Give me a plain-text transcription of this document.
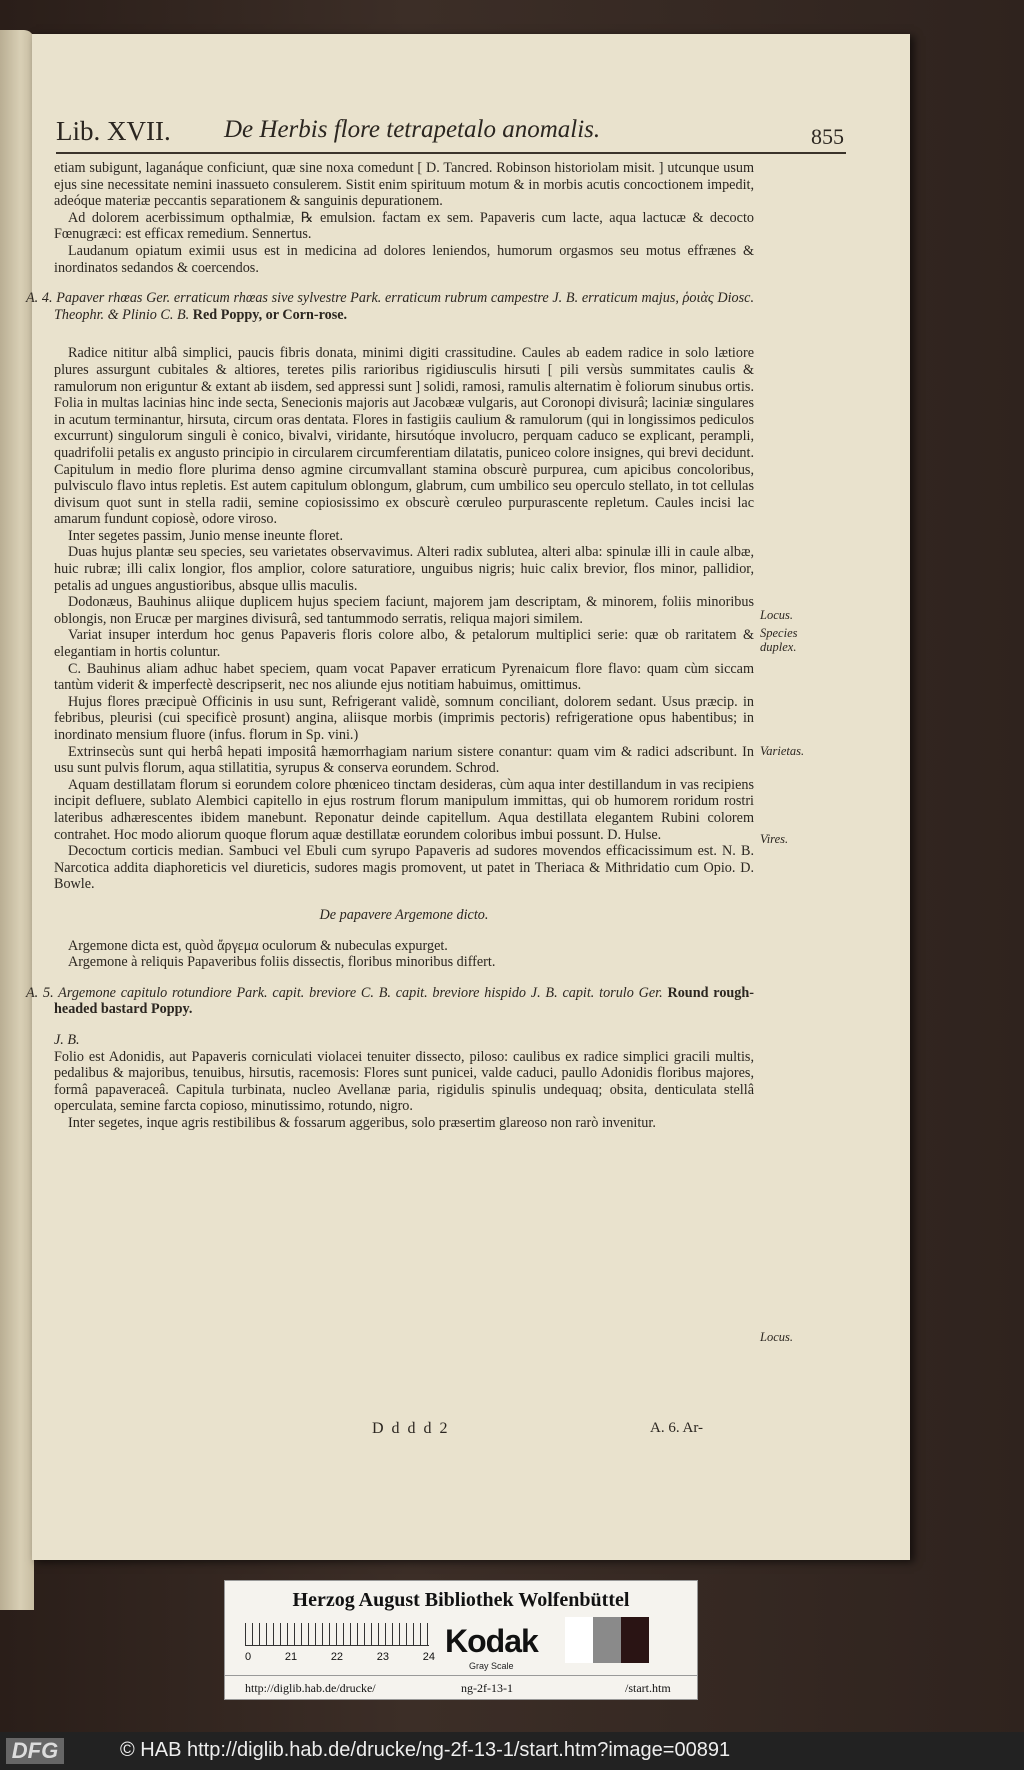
Lib. XVII. De Herbis flore tetrapetalo anomalis.	855

etiam subigunt, laganáque conficiunt, quæ sine noxa comedunt [ D. Tancred. Robinson historiolam misit. ] utcunque usum ejus sine necessitate nemini inassueto consulerem. Sistit enim spirituum motum & in morbis acutis concoctionem impedit, adeóque materiæ peccantis separationem & sanguinis depurationem.

Ad dolorem acerbissimum opthalmiæ, ℞ emulsion. factam ex sem. Papaveris cum lacte, aqua lactucæ & decocto Fœnugræci: est efficax remedium. Sennertus.

Laudanum opiatum eximii usus est in medicina ad dolores leniendos, humorum orgasmos seu motus effrænes & inordinatos sedandos & coercendos.

A. 4. Papaver rhœas Ger. erraticum rhœas sive sylvestre Park. erraticum rubrum campestre J. B. erraticum majus, ῥοιὰς Diosc. Theophr. & Plinio C. B. Red Poppy, or Corn-rose.

Radice nititur albâ simplici, paucis fibris donata, minimi digiti crassitudine. Caules ab eadem radice in solo lætiore plures assurgunt cubitales & altiores, teretes pilis rarioribus rigidiusculis hirsuti [ pili versùs summitates caulis & ramulorum non eriguntur & extant ab iisdem, sed appressi sunt ] solidi, ramosi, ramulis alternatim è foliorum sinubus ortis. Folia in multas lacinias hinc inde secta, Senecionis majoris aut Jacobææ vulgaris, aut Coronopi divisurâ; laciniæ singulares in acutum terminantur, hirsuta, circum oras dentata. Flores in fastigiis caulium & ramulorum (qui in longissimos pediculos excurrunt) singulorum singuli è conico, bivalvi, viridante, hirsutóque involucro, perquam caduco se explicant, perampli, quadrifolii petalis ex angusto principio in circularem circumferentiam dilatatis, puniceo colore insignes, qui brevi decidunt. Capitulum in medio flore plurima denso agmine circumvallant stamina obscurè purpurea, cum apicibus concoloribus, pulvisculo flavo intus repletis. Est autem capitulum oblongum, glabrum, cum umbilico seu operculo stellato, in tot cellulas divisum quot sunt in stella radii, semine copiosissimo ex obscurè cœruleo purpurascente repletum. Caules incisi lac amarum fundunt copiosè, odore viroso.

Inter segetes passim, Junio mense ineunte floret.

Duas hujus plantæ seu species, seu varietates observavimus. Alteri radix sublutea, alteri alba: spinulæ illi in caule albæ, huic rubræ; illi calix longior, flos amplior, colore saturatiore, unguibus nigris; huic calix brevior, flos minor, pallidior, petalis ad ungues angustioribus, absque ullis maculis.

Dodonæus, Bauhinus aliique duplicem hujus speciem faciunt, majorem jam descriptam, & minorem, foliis minoribus oblongis, non Erucæ per margines divisurâ, sed tantummodo serratis, reliqua majori similem.

Variat insuper interdum hoc genus Papaveris floris colore albo, & petalorum multiplici serie: quæ ob raritatem & elegantiam in hortis coluntur.

C. Bauhinus aliam adhuc habet speciem, quam vocat Papaver erraticum Pyrenaicum flore flavo: quam cùm siccam tantùm viderit & imperfectè descripserit, nec nos aliunde ejus notitiam habuimus, omittimus.

Hujus flores præcipuè Officinis in usu sunt, Refrigerant validè, somnum conciliant, dolorem sedant. Usus præcip. in febribus, pleurisi (cui specificè prosunt) angina, aliisque morbis (imprimis pectoris) refrigeratione opus habentibus; in inordinato mensium fluore (infus. florum in Sp. vini.)

Extrinsecùs sunt qui herbâ hepati impositâ hæmorrhagiam narium sistere conantur: quam vim & radici adscribunt. In usu sunt pulvis florum, aqua stillatitia, syrupus & conserva eorundem. Schrod.

Aquam destillatam florum si eorundem colore phœniceo tinctam desideras, cùm aqua inter destillandum in vas recipiens incipit defluere, sublato Alembici capitello in ejus rostrum florum manipulum immittas, qui ob humorem roridum rostri lateribus adhærescentes ibidem manebunt. Reponatur deinde capitellum. Aqua destillata elegantem Rubini colorem contrahet. Hoc modo aliorum quoque florum aquæ destillatæ eorundem coloribus imbui possunt. D. Hulse.

Decoctum corticis median. Sambuci vel Ebuli cum syrupo Papaveris ad sudores movendos efficacissimum est. N. B. Narcotica addita diaphoreticis vel diureticis, sudores magis promovent, ut patet in Theriaca & Mithridatio cum Opio. D. Bowle.

De papavere Argemone dicto.

Argemone dicta est, quòd ἄργεμα oculorum & nubeculas expurget.

Argemone à reliquis Papaveribus foliis dissectis, floribus minoribus differt.

A. 5. Argemone capitulo rotundiore Park. capit. breviore C. B. capit. breviore hispido J. B. capit. torulo Ger. Round rough-headed bastard Poppy.

J. B.

Folio est Adonidis, aut Papaveris corniculati violacei tenuiter dissecto, piloso: caulibus ex radice simplici gracili multis, pedalibus & majoribus, tenuibus, hirsutis, racemosis: Flores sunt punicei, valde caduci, paullo Adonidis floribus majores, formâ papaveraceâ. Capitula turbinata, nucleo Avellanæ paria, rigidulis spinulis undequaq; obsita, denticulata stellâ operculata, semine farcta copioso, minutissimo, rotundo, nigro.

Inter segetes, inque agris restibilibus & fossarum aggeribus, solo præsertim glareoso non rarò invenitur.

Locus.
Species duplex.
Varietas.
Vires.
Locus.
D d d d 2	A. 6. Ar-
Herzog August Bibliothek Wolfenbüttel
0	21	22	23	24 Kodak
Gray Scale
http://diglib.hab.de/drucke/	ng-2f-13-1	/start.htm
DFG	© HAB http://diglib.hab.de/drucke/ng-2f-13-1/start.htm?image=00891
